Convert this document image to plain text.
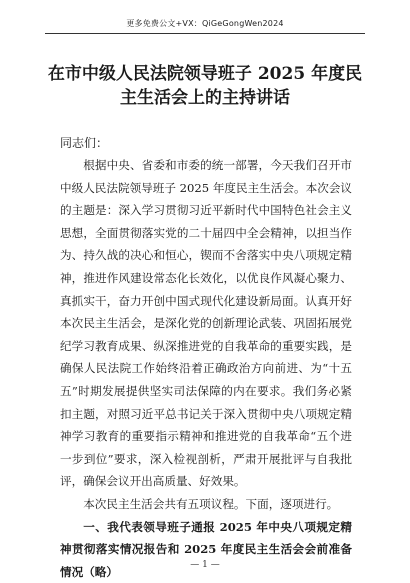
更多免费公文+VX：QiGeGongWen2024
在市中级人民法院领导班子 2025 年度民
主生活会上的主持讲话
同志们：

根据中央、省委和市委的统一部署，今天我们召开市中级人民法院领导班子 2025 年度民主生活会。本次会议的主题是：深入学习贯彻习近平新时代中国特色社会主义思想，全面贯彻落实党的二十届四中全会精神，以担当作为、持久战的决心和恒心，锲而不舍落实中央八项规定精神，推进作风建设常态化长效化，以优良作风凝心聚力、真抓实干，奋力开创中国式现代化建设新局面。认真开好本次民主生活会，是深化党的创新理论武装、巩固拓展党纪学习教育成果、纵深推进党的自我革命的重要实践，是确保人民法院工作始终沿着正确政治方向前进、为“十五五”时期发展提供坚实司法保障的内在要求。我们务必紧扣主题，对照习近平总书记关于深入贯彻中央八项规定精神学习教育的重要指示精神和推进党的自我革命“五个进一步到位”要求，深入检视剖析，严肃开展批评与自我批评，确保会议开出高质量、好效果。

本次民主生活会共有五项议程。下面，逐项进行。

一、我代表领导班子通报 2025 年中央八项规定精神贯彻落实情况报告和 2025 年度民主生活会会前准备情况（略）	— 1 —
